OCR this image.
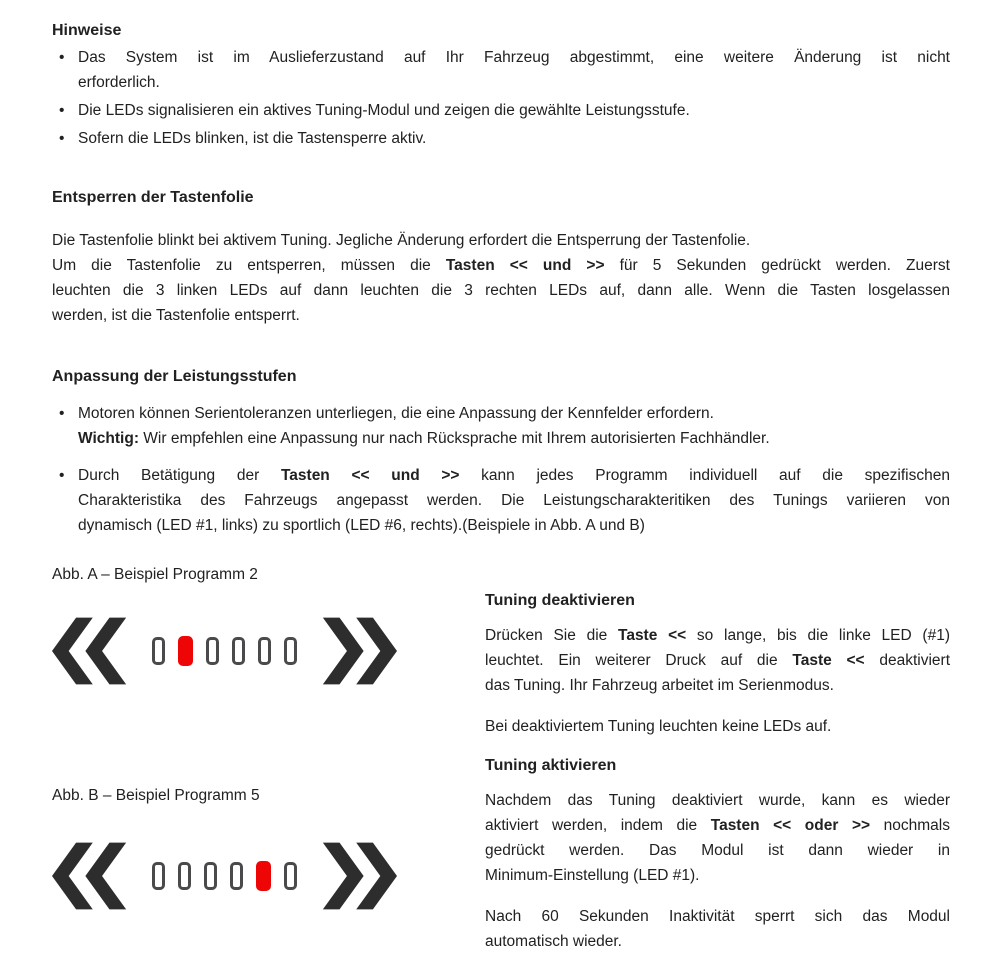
Hinweise
• Das System ist im Auslieferzustand auf Ihr Fahrzeug abgestimmt, eine weitere Änderung ist nicht
erforderlich.
• Die LEDs signalisieren ein aktives Tuning-Modul und zeigen die gewählte Leistungsstufe.
• Sofern die LEDs blinken, ist die Tastensperre aktiv.
Entsperren der Tastenfolie

Die Tastenfolie blinkt bei aktivem Tuning. Jegliche Änderung erfordert die Entsperrung der Tastenfolie.
Um die Tastenfolie zu entsperren, müssen die Tasten << und >> für 5 Sekunden gedrückt werden. Zuerst
leuchten die 3 linken LEDs auf dann leuchten die 3 rechten LEDs auf, dann alle. Wenn die Tasten losgelassen
werden, ist die Tastenfolie entsperrt.

Anpassung der Leistungsstufen
• Motoren können Serientoleranzen unterliegen, die eine Anpassung der Kennfelder erfordern.
Wichtig: Wir empfehlen eine Anpassung nur nach Rücksprache mit Ihrem autorisierten Fachhändler.
• Durch Betätigung der Tasten << und >> kann jedes Programm individuell auf die spezifischen
Charakteristika des Fahrzeugs angepasst werden. Die Leistungscharakteritiken des Tunings variieren von
dynamisch (LED #1, links) zu sportlich (LED #6, rechts).(Beispiele in Abb. A und B)

Abb. A – Beispiel Programm 2

Abb. B – Beispiel Programm 5

Tuning deaktivieren

Drücken Sie die Taste << so lange, bis die linke LED (#1)
leuchtet. Ein weiterer Druck auf die Taste << deaktiviert
das Tuning. Ihr Fahrzeug arbeitet im Serienmodus.

Bei deaktiviertem Tuning leuchten keine LEDs auf.

Tuning aktivieren

Nachdem das Tuning deaktiviert wurde, kann es wieder
aktiviert werden, indem die Tasten << oder >> nochmals
gedrückt werden. Das Modul ist dann wieder in
Minimum-Einstellung (LED #1).

Nach 60 Sekunden Inaktivität sperrt sich das Modul
automatisch wieder.
